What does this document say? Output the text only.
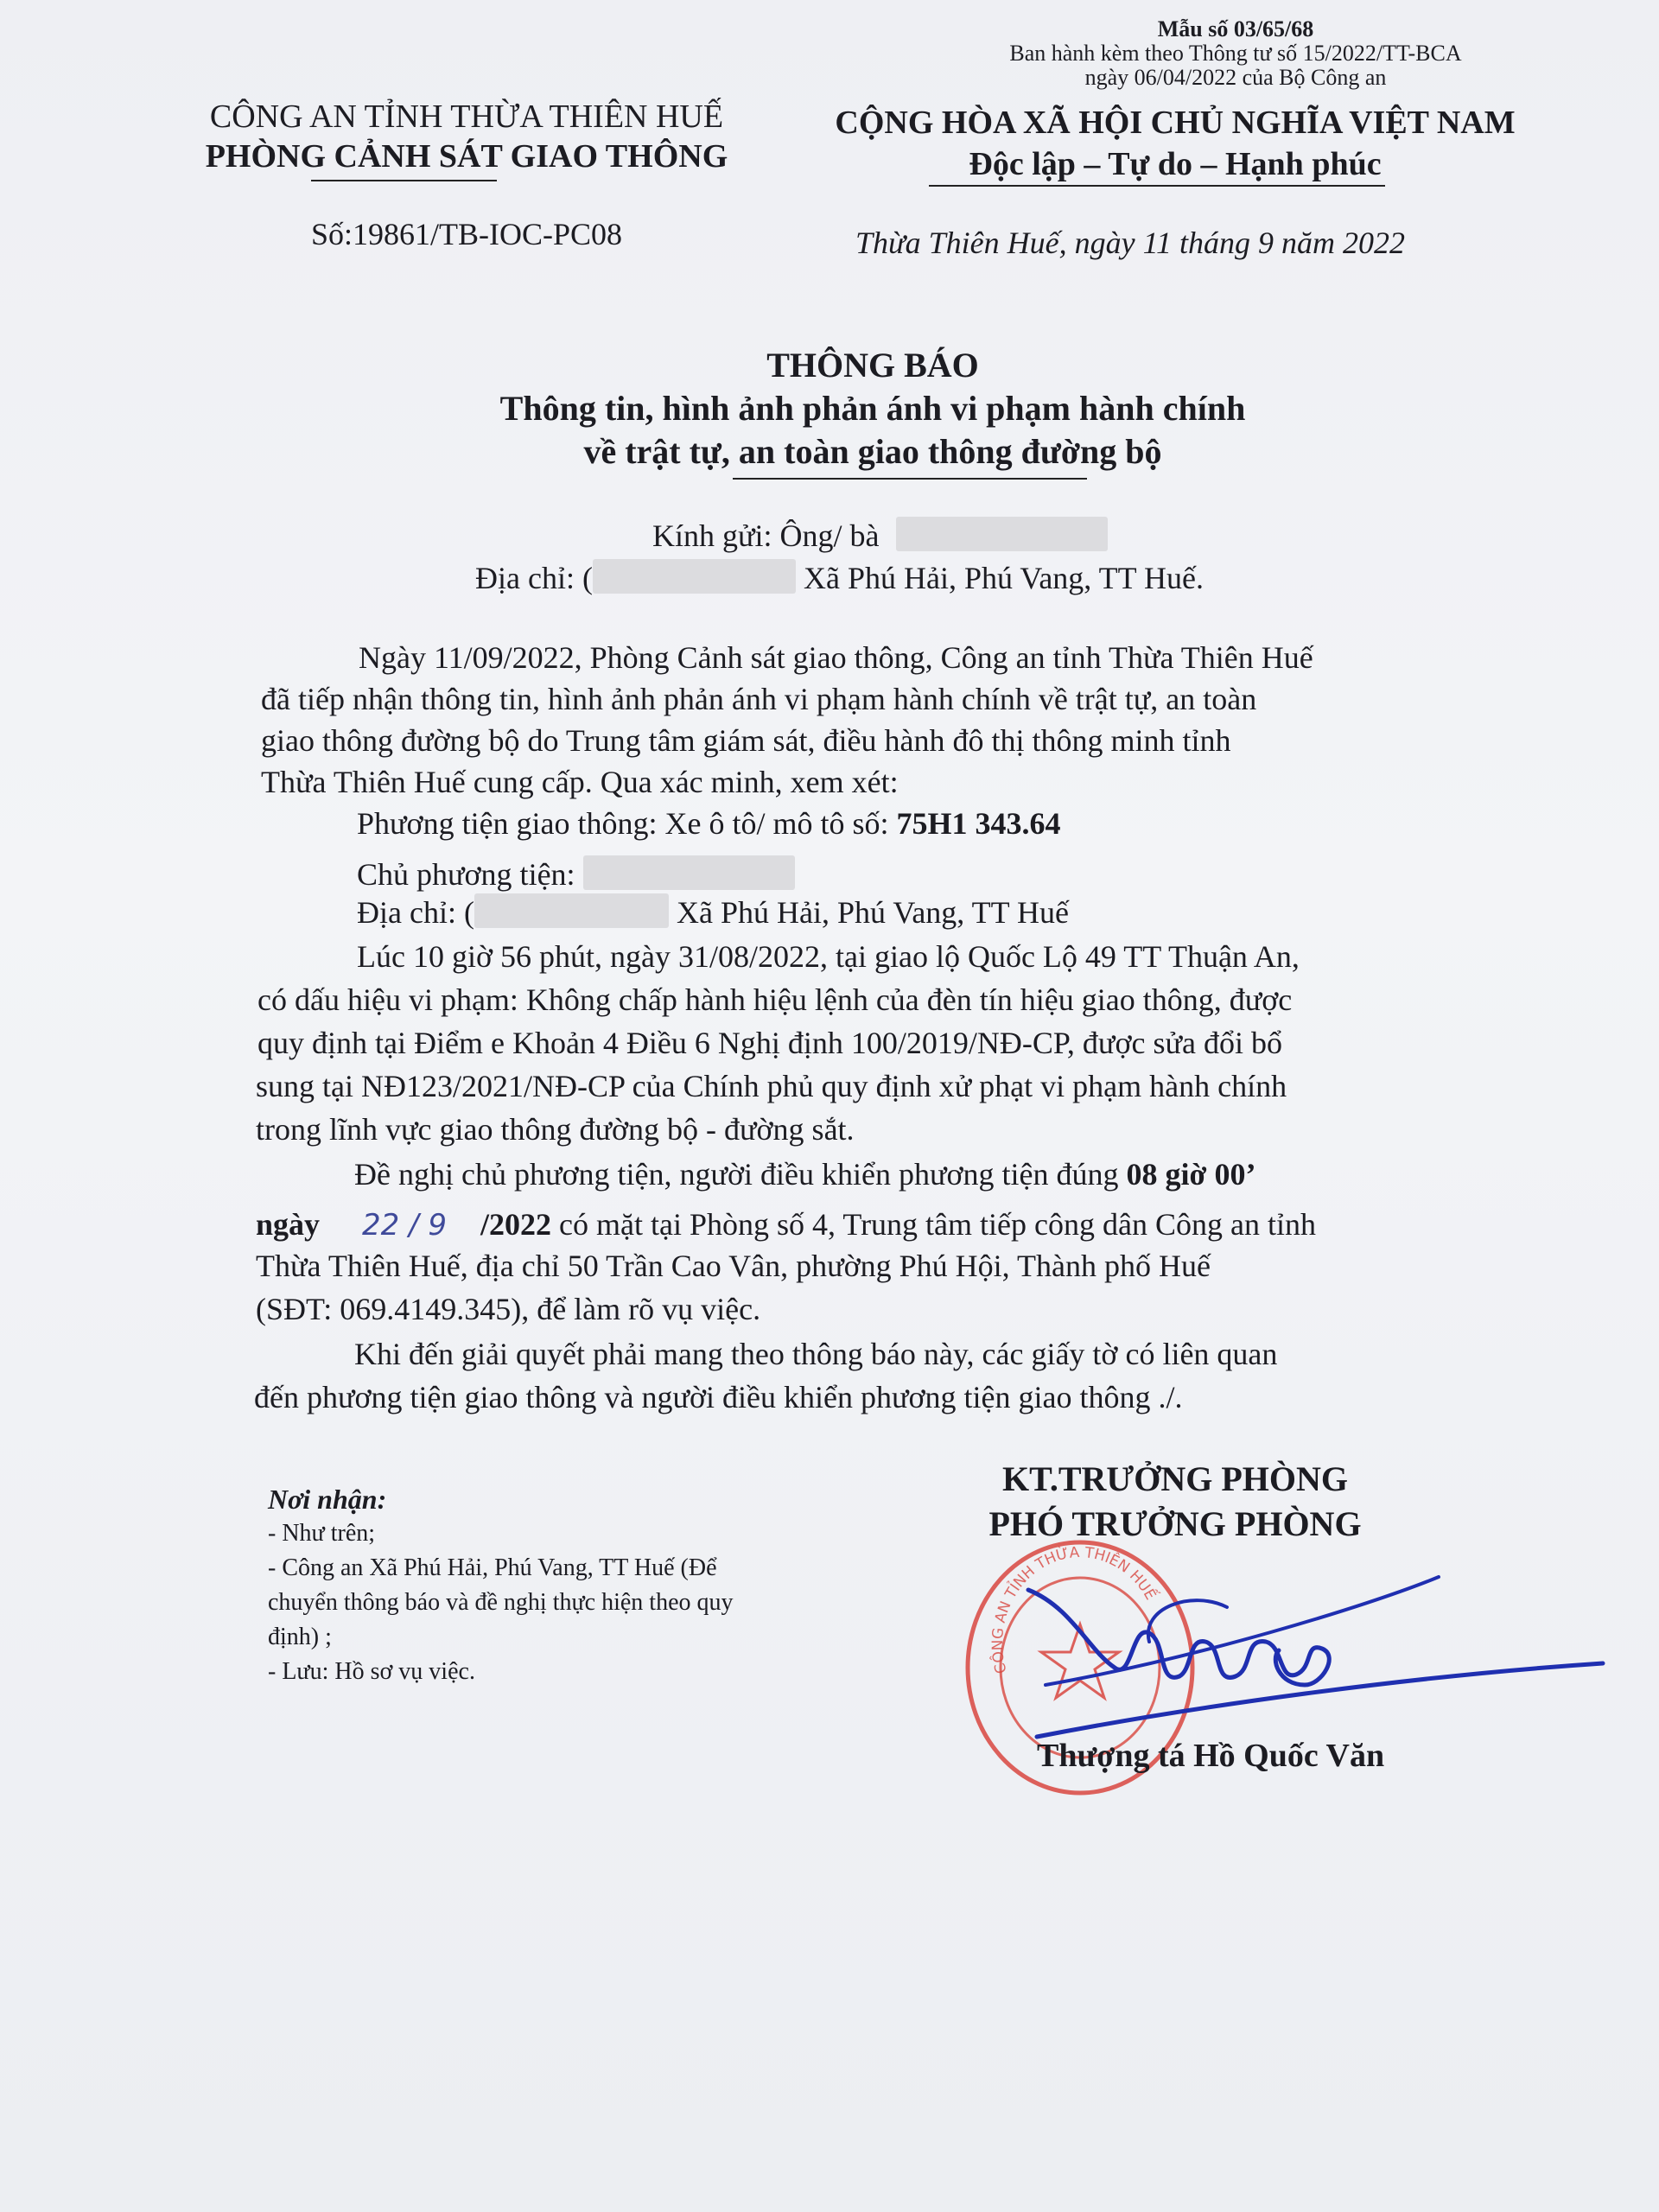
Mẫu số 03/65/68
Ban hành kèm theo Thông tư số 15/2022/TT-BCA
ngày 06/04/2022 của Bộ Công an
CÔNG AN TỈNH THỪA THIÊN HUẾ
PHÒNG CẢNH SÁT GIAO THÔNG
CỘNG HÒA XÃ HỘI CHỦ NGHĨA VIỆT NAM
Độc lập – Tự do – Hạnh phúc
Số:19861/TB-IOC-PC08	Thừa Thiên Huế, ngày 11 tháng 9 năm 2022
THÔNG BÁO
Thông tin, hình ảnh phản ánh vi phạm hành chính
về trật tự, an toàn giao thông đường bộ
Kính gửi: Ông/ bà
Địa chỉ: (	Xã Phú Hải, Phú Vang, TT Huế.
Ngày 11/09/2022, Phòng Cảnh sát giao thông, Công an tỉnh Thừa Thiên Huế
đã tiếp nhận thông tin, hình ảnh phản ánh vi phạm hành chính về trật tự, an toàn
giao thông đường bộ do Trung tâm giám sát, điều hành đô thị thông minh tỉnh
Thừa Thiên Huế cung cấp. Qua xác minh, xem xét:
Phương tiện giao thông: Xe ô tô/ mô tô số: 75H1 343.64
Chủ phương tiện:
Địa chỉ: (	Xã Phú Hải, Phú Vang, TT Huế
Lúc 10 giờ 56 phút, ngày 31/08/2022, tại giao lộ Quốc Lộ 49 TT Thuận An,
có dấu hiệu vi phạm: Không chấp hành hiệu lệnh của đèn tín hiệu giao thông, được
quy định tại Điểm e Khoản 4 Điều 6 Nghị định 100/2019/NĐ-CP, được sửa đổi bổ
sung tại NĐ123/2021/NĐ-CP của Chính phủ quy định xử phạt vi phạm hành chính
trong lĩnh vực giao thông đường bộ - đường sắt.
Đề nghị chủ phương tiện, người điều khiển phương tiện đúng 08 giờ 00’
ngày 22 / 9 /2022 có mặt tại Phòng số 4, Trung tâm tiếp công dân Công an tỉnh
Thừa Thiên Huế, địa chỉ 50 Trần Cao Vân, phường Phú Hội, Thành phố Huế
(SĐT: 069.4149.345), để làm rõ vụ việc.
Khi đến giải quyết phải mang theo thông báo này, các giấy tờ có liên quan
đến phương tiện giao thông và người điều khiển phương tiện giao thông ./.
Nơi nhận:
- Như trên;
- Công an Xã Phú Hải, Phú Vang, TT Huế (Để
chuyển thông báo và đề nghị thực hiện theo quy
định) ;
- Lưu: Hồ sơ vụ việc.	CÔNG AN TỈNH THỪA THIÊN HUẾ
KT.TRƯỞNG PHÒNG
PHÓ TRƯỞNG PHÒNG
Thượng tá Hồ Quốc Văn
